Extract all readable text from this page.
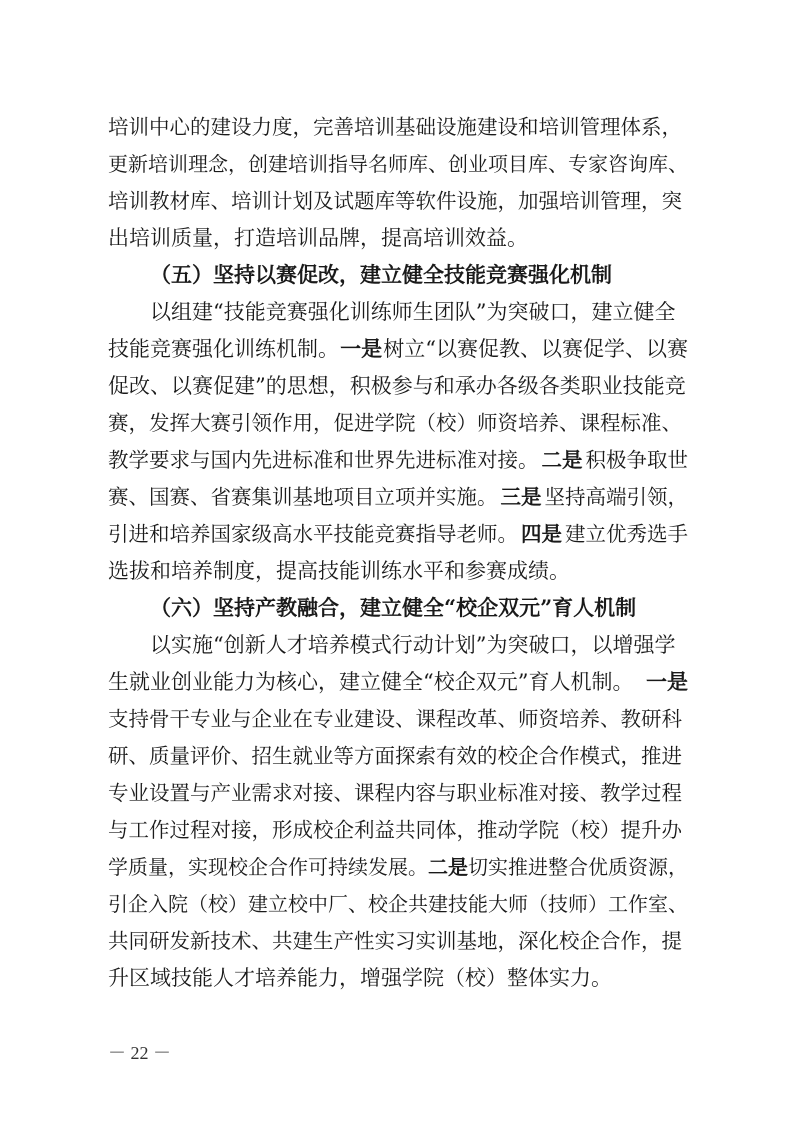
培训中心的建设力度，完善培训基础设施建设和培训管理体系，
更新培训理念，创建培训指导名师库、创业项目库、专家咨询库、
培训教材库、培训计划及试题库等软件设施，加强培训管理，突
出培训质量，打造培训品牌，提高培训效益。
（五）坚持以赛促改，建立健全技能竞赛强化机制
以组建“技能竞赛强化训练师生团队”为突破口，建立健全
技能竞赛强化训练机制。 一是 树立“以赛促教、以赛促学、以赛
促改、以赛促建”的思想，积极参与和承办各级各类职业技能竞
赛，发挥大赛引领作用，促进学院（校）师资培养、课程标准、
教学要求与国内先进标准和世界先进标准对接。 二是 积极争取世
赛、国赛、省赛集训基地项目立项并实施。 三是 坚持高端引领，
引进和培养国家级高水平技能竞赛指导老师。 四是 建立优秀选手
选拔和培养制度，提高技能训练水平和参赛成绩。
（六）坚持产教融合，建立健全“校企双元”育人机制
以实施“创新人才培养模式行动计划”为突破口，以增强学
生就业创业能力为核心，建立健全“校企双元”育人机制。 一是
支持骨干专业与企业在专业建设、课程改革、师资培养、教研科
研、质量评价、招生就业等方面探索有效的校企合作模式，推进
专业设置与产业需求对接、课程内容与职业标准对接、教学过程
与工作过程对接，形成校企利益共同体，推动学院（校）提升办
学质量，实现校企合作可持续发展。 二是 切实推进整合优质资源，
引企入院（校）建立校中厂、校企共建技能大师（技师）工作室、
共同研发新技术、共建生产性实习实训基地，深化校企合作，提
升区域技能人才培养能力，增强学院（校）整体实力。
－ 22 －
